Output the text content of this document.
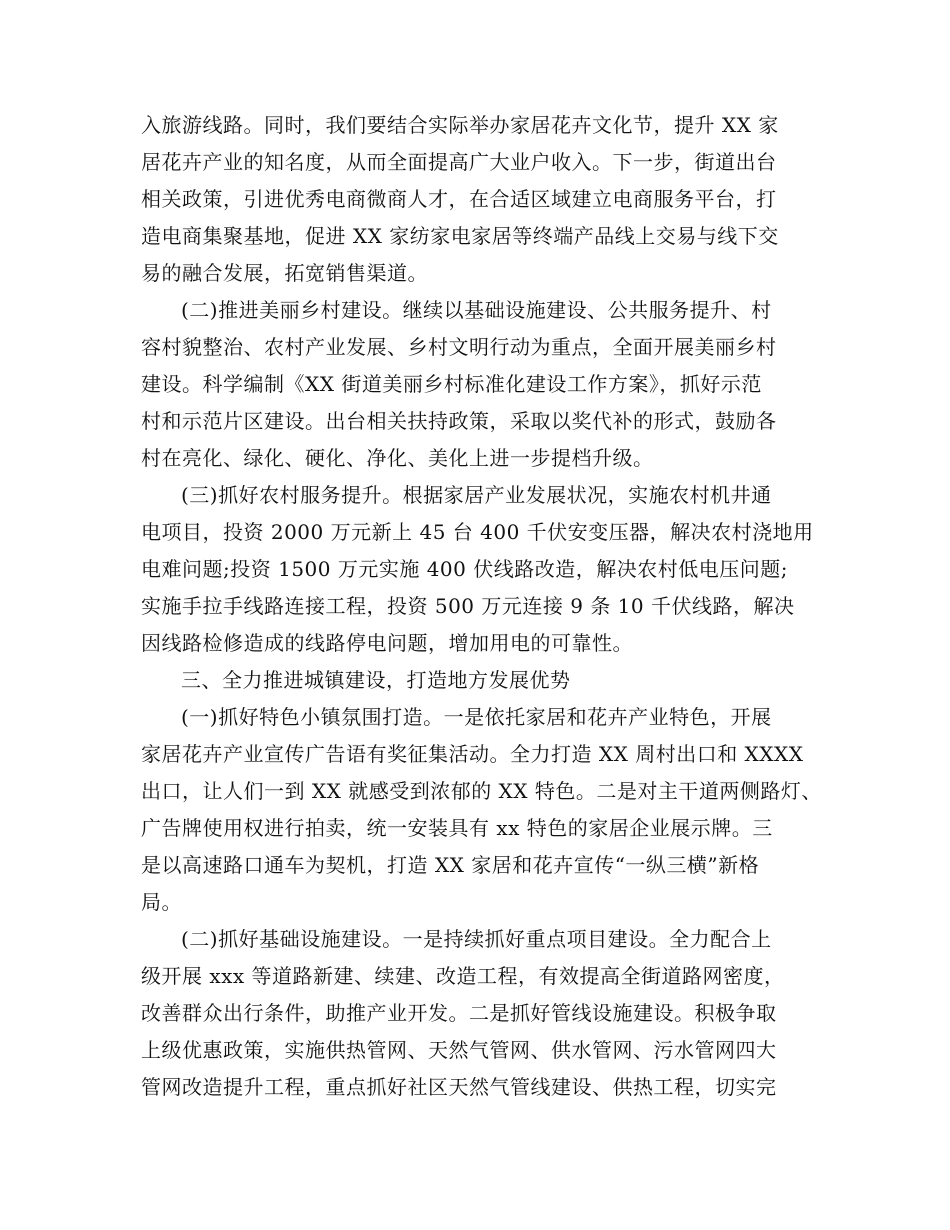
入旅游线路。同时，我们要结合实际举办家居花卉文化节，提升 XX 家
居花卉产业的知名度，从而全面提高广大业户收入。下一步，街道出台
相关政策，引进优秀电商微商人才，在合适区域建立电商服务平台，打
造电商集聚基地，促进 XX 家纺家电家居等终端产品线上交易与线下交
易的融合发展，拓宽销售渠道。
(二)推进美丽乡村建设。继续以基础设施建设、公共服务提升、村
容村貌整治、农村产业发展、乡村文明行动为重点，全面开展美丽乡村
建设。科学编制《XX 街道美丽乡村标准化建设工作方案》，抓好示范
村和示范片区建设。出台相关扶持政策，采取以奖代补的形式，鼓励各
村在亮化、绿化、硬化、净化、美化上进一步提档升级。
(三)抓好农村服务提升。根据家居产业发展状况，实施农村机井通
电项目，投资 2000 万元新上 45 台 400 千伏安变压器，解决农村浇地用
电难问题;投资 1500 万元实施 400 伏线路改造，解决农村低电压问题;
实施手拉手线路连接工程，投资 500 万元连接 9 条 10 千伏线路，解决
因线路检修造成的线路停电问题，增加用电的可靠性。
三、全力推进城镇建设，打造地方发展优势
(一)抓好特色小镇氛围打造。一是依托家居和花卉产业特色，开展
家居花卉产业宣传广告语有奖征集活动。全力打造 XX 周村出口和 XXXX
出口，让人们一到 XX 就感受到浓郁的 XX 特色。二是对主干道两侧路灯、
广告牌使用权进行拍卖，统一安装具有 xx 特色的家居企业展示牌。三
是以高速路口通车为契机，打造 XX 家居和花卉宣传“一纵三横”新格
局。
(二)抓好基础设施建设。一是持续抓好重点项目建设。全力配合上
级开展 xxx 等道路新建、续建、改造工程，有效提高全街道路网密度，
改善群众出行条件，助推产业开发。二是抓好管线设施建设。积极争取
上级优惠政策，实施供热管网、天然气管网、供水管网、污水管网四大
管网改造提升工程，重点抓好社区天然气管线建设、供热工程，切实完
